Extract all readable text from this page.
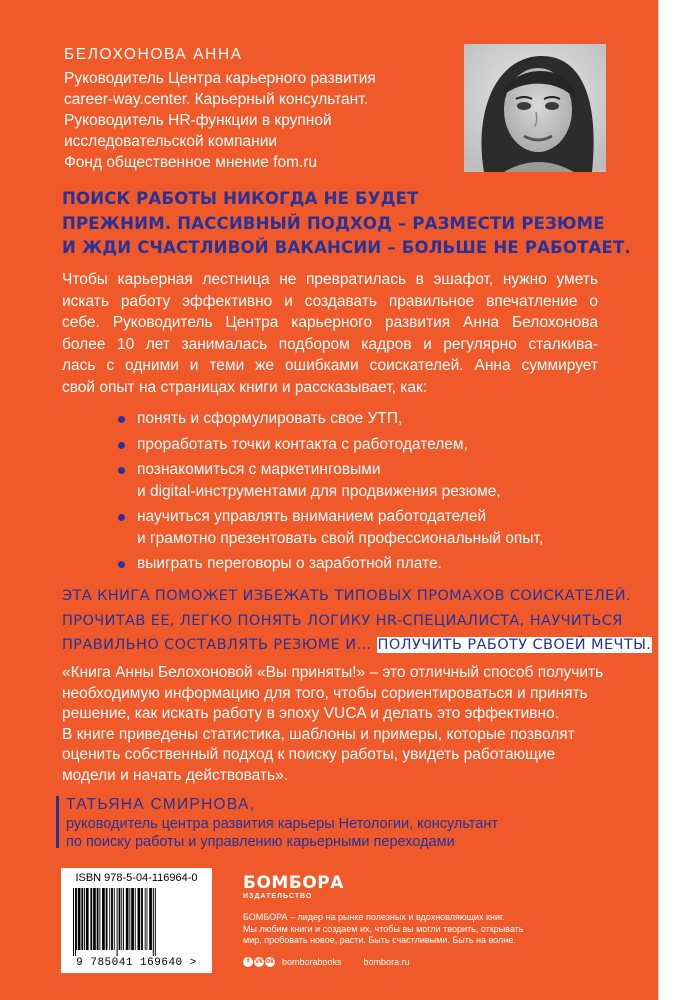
БЕЛОХОНОВА АННА
Руководитель Центра карьерного развития
career-way.center. Карьерный консультант.
Руководитель HR-функции в крупной
исследовательской компании
Фонд общественное мнение fom.ru
ПОИСК РАБОТЫ НИКОГДА НЕ БУДЕТ
ПРЕЖНИМ. ПАССИВНЫЙ ПОДХОД – РАЗМЕСТИ РЕЗЮМЕ
И ЖДИ СЧАСТЛИВОЙ ВАКАНСИИ – БОЛЬШЕ НЕ РАБОТАЕТ.
Чтобы карьерная лестница не превратилась в эшафот, нужно уметь
искать работу эффективно и создавать правильное впечатление о
себе. Руководитель Центра карьерного развития Анна Белохонова
более 10 лет занималась подбором кадров и регулярно сталкива-
лась с одними и теми же ошибками соискателей. Анна суммирует
свой опыт на страницах книги и рассказывает, как:
понять и сформулировать свое УТП,
проработать точки контакта с работодателем,
познакомиться с маркетинговыми
и digital-инструментами для продвижения резюме,
научиться управлять вниманием работодателей
и грамотно презентовать свой профессиональный опыт,
выиграть переговоры о заработной плате.
ЭТА КНИГА ПОМОЖЕТ ИЗБЕЖАТЬ ТИПОВЫХ ПРОМАХОВ СОИСКАТЕЛЕЙ.
ПРОЧИТАВ ЕЕ, ЛЕГКО ПОНЯТЬ ЛОГИКУ HR-СПЕЦИАЛИСТА, НАУЧИТЬСЯ
ПРАВИЛЬНО СОСТАВЛЯТЬ РЕЗЮМЕ И... ПОЛУЧИТЬ РАБОТУ СВОЕЙ МЕЧТЫ.
«Книга Анны Белохоновой «Вы приняты!» – это отличный способ получить
необходимую информацию для того, чтобы сориентироваться и принять
решение, как искать работу в эпоху VUCA и делать это эффективно.
В книге приведены статистика, шаблоны и примеры, которые позволят
оценить собственный подход к поиску работы, увидеть работающие
модели и начать действовать».
ТАТЬЯНА СМИРНОВА,
руководитель центра развития карьеры Нетологии, консультант
по поиску работы и управлению карьерными переходами
ISBN 978-5-04-116964-0
9 785041 169640 >
БОМБОРА
ИЗДАТЕЛЬСТВО
БОМБОРА – лидер на рынке полезных и вдохновляющих книг.
Мы любим книги и создаем их, чтобы вы могли творить, открывать
мир, пробовать новое, расти. Быть счастливыми. Быть на волне.
f vk ok bomborabooks bombora.ru
